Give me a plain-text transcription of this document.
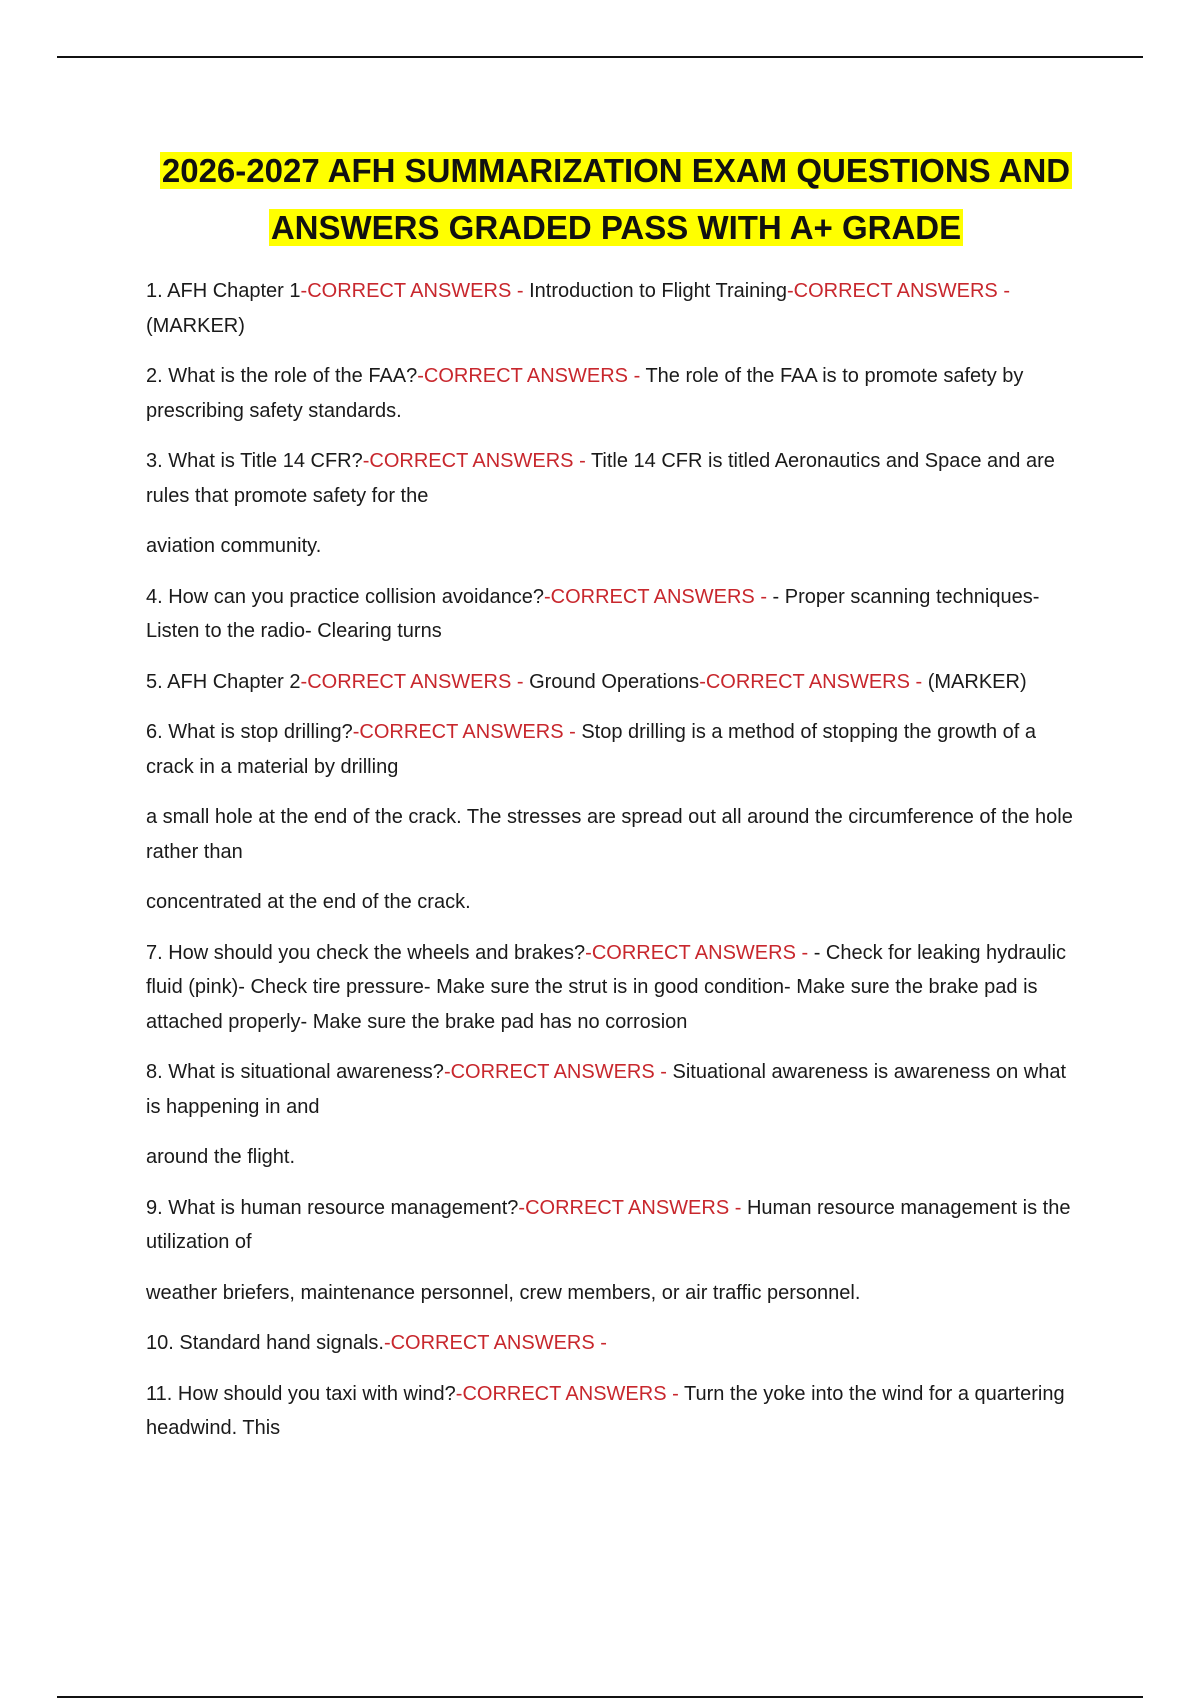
2026-2027 AFH SUMMARIZATION EXAM QUESTIONS AND ANSWERS GRADED PASS WITH A+ GRADE

1. AFH Chapter 1-CORRECT ANSWERS - Introduction to Flight Training-CORRECT ANSWERS - (MARKER)

2. What is the role of the FAA?-CORRECT ANSWERS - The role of the FAA is to promote safety by prescribing safety standards.

3. What is Title 14 CFR?-CORRECT ANSWERS - Title 14 CFR is titled Aeronautics and Space and are rules that promote safety for the

aviation community.

4. How can you practice collision avoidance?-CORRECT ANSWERS - - Proper scanning techniques- Listen to the radio- Clearing turns

5. AFH Chapter 2-CORRECT ANSWERS - Ground Operations-CORRECT ANSWERS - (MARKER)

6. What is stop drilling?-CORRECT ANSWERS - Stop drilling is a method of stopping the growth of a crack in a material by drilling

a small hole at the end of the crack. The stresses are spread out all around the circumference of the hole rather than

concentrated at the end of the crack.

7. How should you check the wheels and brakes?-CORRECT ANSWERS - - Check for leaking hydraulic fluid (pink)- Check tire pressure- Make sure the strut is in good condition- Make sure the brake pad is attached properly- Make sure the brake pad has no corrosion

8. What is situational awareness?-CORRECT ANSWERS - Situational awareness is awareness on what is happening in and

around the flight.

9. What is human resource management?-CORRECT ANSWERS - Human resource management is the utilization of

weather briefers, maintenance personnel, crew members, or air traffic personnel.

10. Standard hand signals.-CORRECT ANSWERS -

11. How should you taxi with wind?-CORRECT ANSWERS - Turn the yoke into the wind for a quartering headwind. This
